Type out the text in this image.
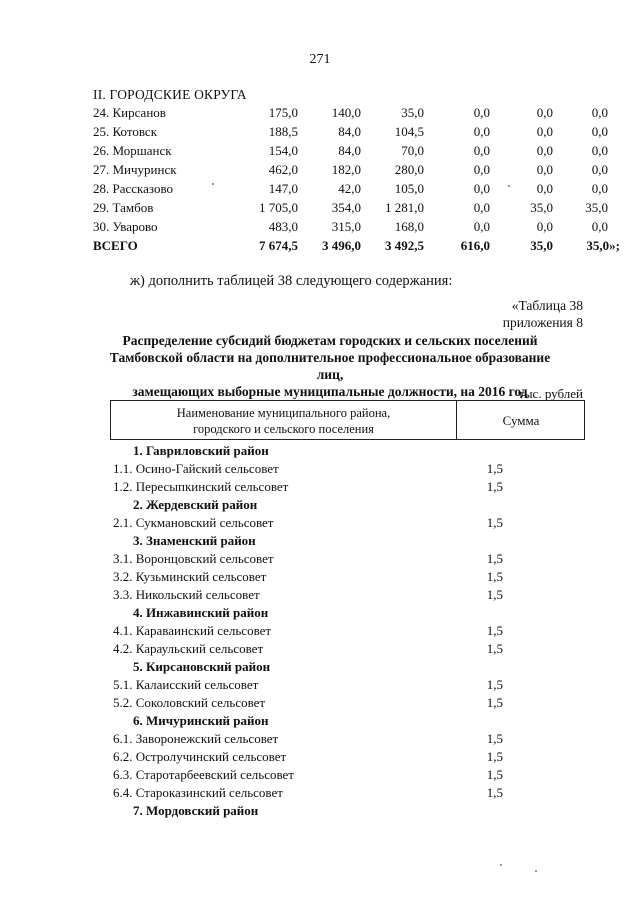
271
II. ГОРОДСКИЕ ОКРУГА
24. Кирсанов	175,0	140,0	35,0	0,0	0,0	0,0
25. Котовск	188,5	84,0	104,5	0,0	0,0	0,0
26. Моршанск	154,0	84,0	70,0	0,0	0,0	0,0
27. Мичуринск	462,0	182,0	280,0	0,0	0,0	0,0
28. Рассказово	147,0	42,0	105,0	0,0	0,0	0,0
29. Тамбов	1 705,0	354,0	1 281,0	0,0	35,0	35,0
30. Уварово	483,0	315,0	168,0	0,0	0,0	0,0
ВСЕГО	7 674,5	3 496,0	3 492,5	616,0	35,0	35,0»;
ж) дополнить таблицей 38 следующего содержания:
«Таблица 38
приложения 8
Распределение субсидий бюджетам городских и сельских поселений
Тамбовской области на дополнительное профессиональное образование лиц,
замещающих выборные муниципальные должности, на 2016 год
тыс. рублей
Наименование муниципального района,
городского и сельского поселения
Сумма
1. Гавриловский район
1.1. Осино-Гайский сельсовет	1,5
1.2. Пересыпкинский сельсовет	1,5
2. Жердевский район
2.1. Сукмановский сельсовет	1,5
3. Знаменский район
3.1. Воронцовский сельсовет	1,5
3.2. Кузьминский сельсовет	1,5
3.3. Никольский сельсовет	1,5
4. Инжавинский район
4.1. Караваинский сельсовет	1,5
4.2. Караульский сельсовет	1,5
5. Кирсановский район
5.1. Калаисский сельсовет	1,5
5.2. Соколовский сельсовет	1,5
6. Мичуринский район
6.1. Заворонежский сельсовет	1,5
6.2. Остролучинский сельсовет	1,5
6.3. Старотарбеевский сельсовет	1,5
6.4. Староказинский сельсовет	1,5
7. Мордовский район
